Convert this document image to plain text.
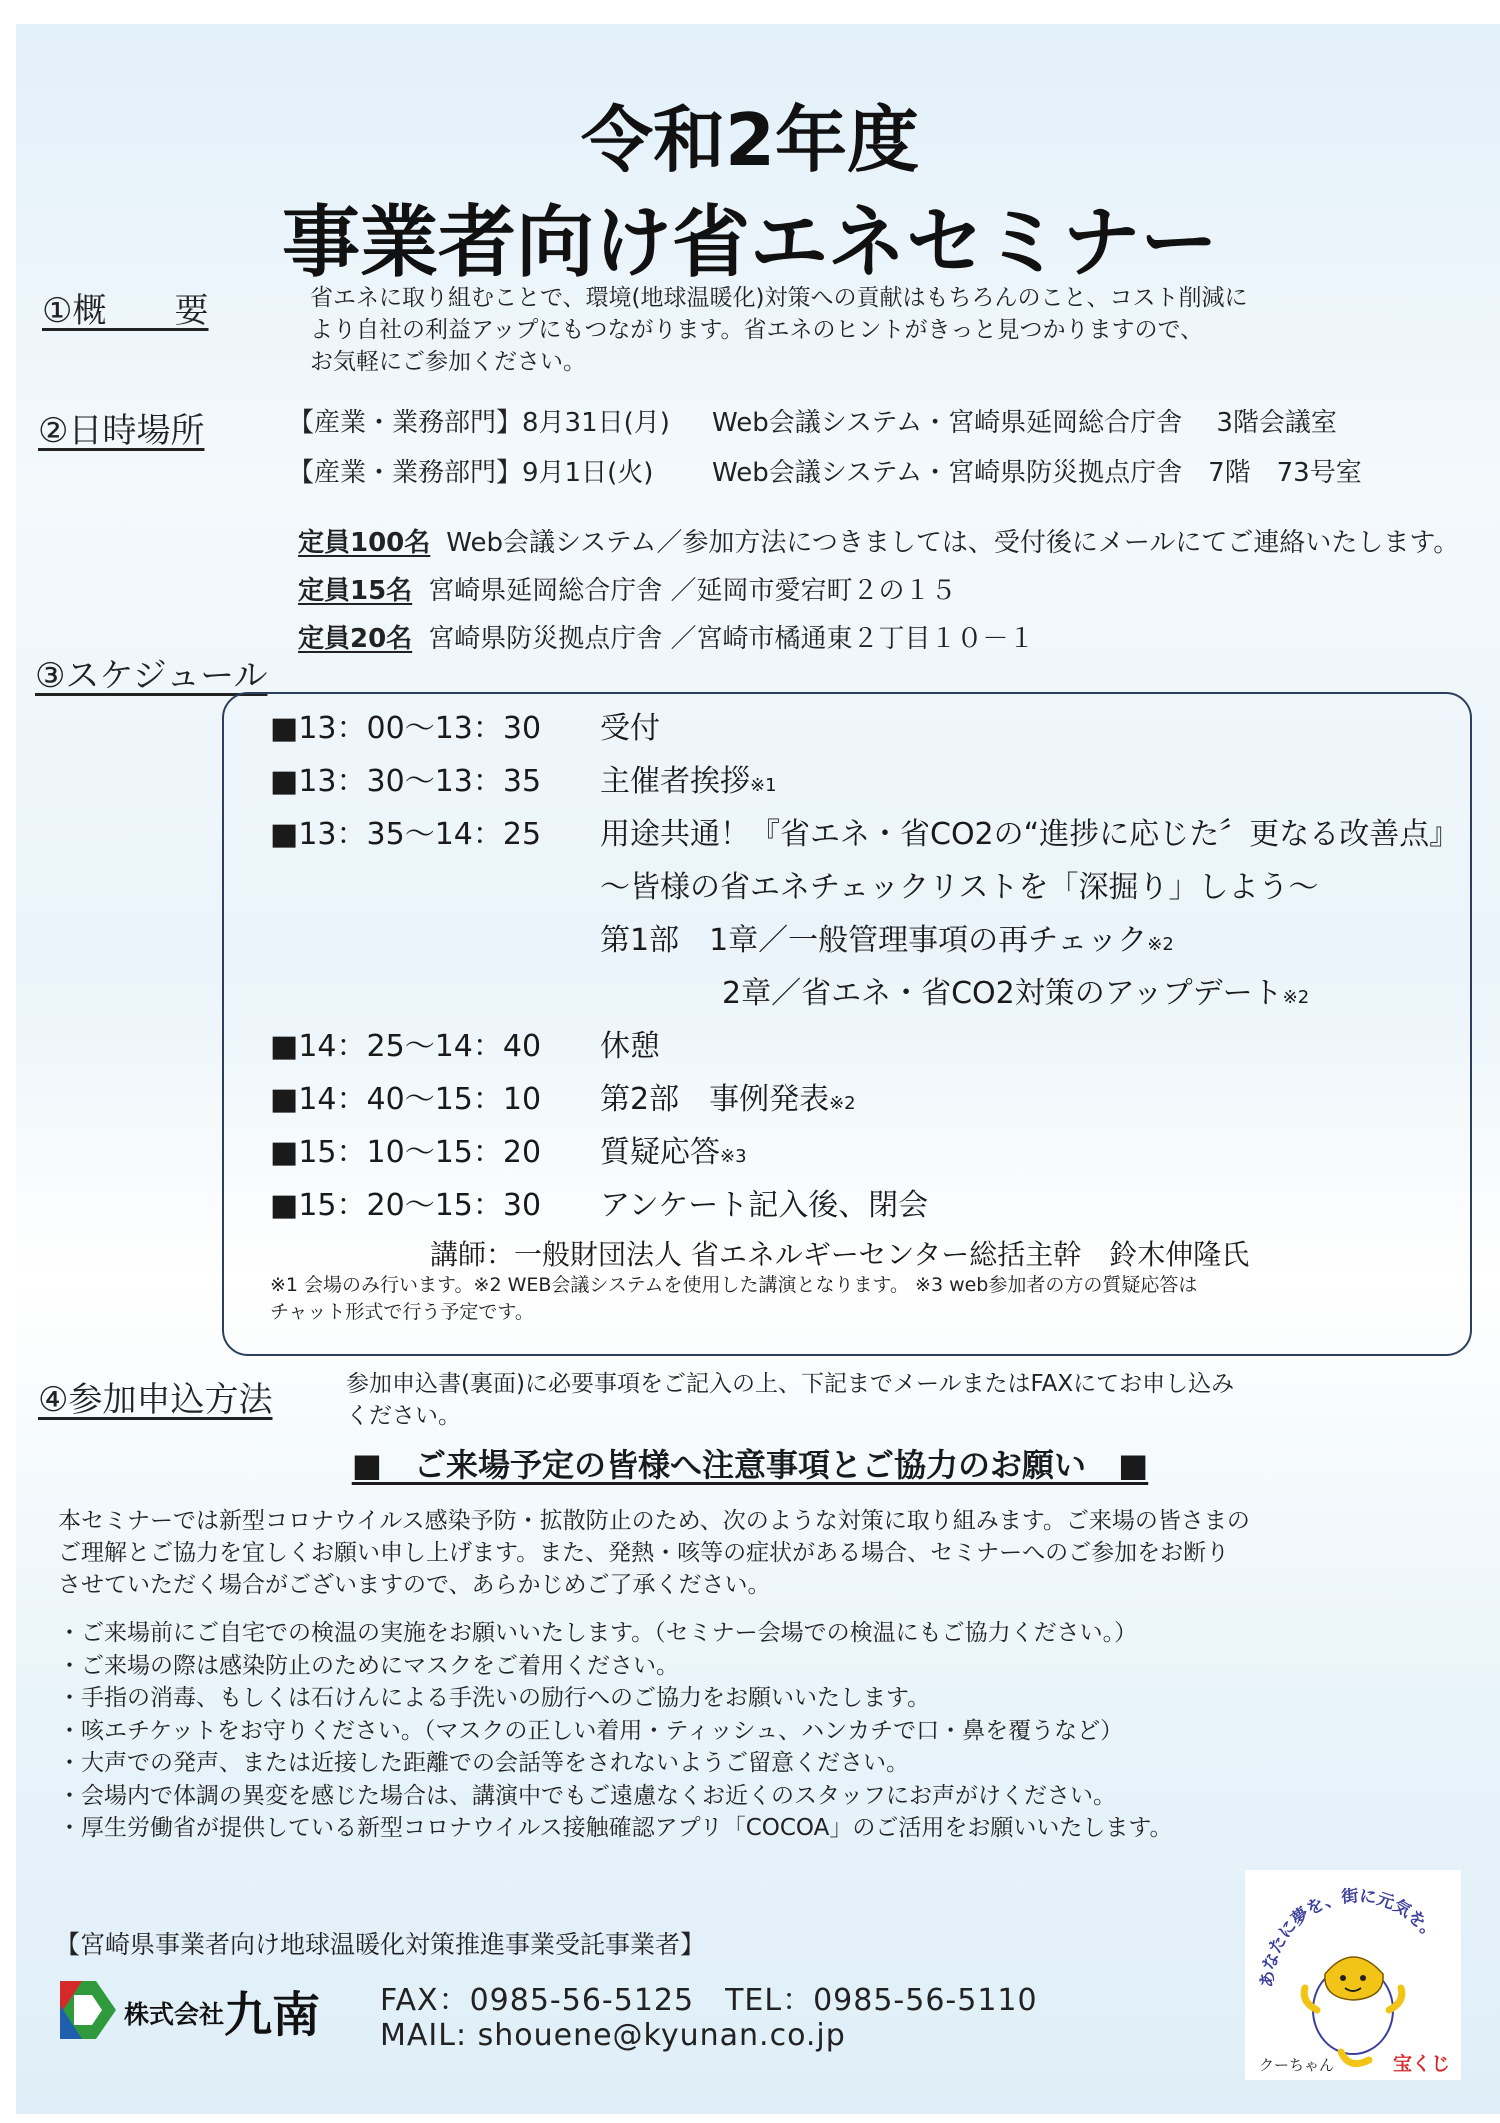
令和2年度
事業者向け省エネセミナー
①概　　要	省エネに取り組むことで、環境(地球温暖化)対策への貢献はもちろんのこと、コスト削減に
より自社の利益アップにもつながります。省エネのヒントがきっと見つかりますので、
お気軽にご参加ください。
②日時場所	【産業・業務部門】8月31日(月) Web会議システム・宮崎県延岡総合庁舎　 3階会議室
【産業・業務部門】9月1日(火) Web会議システム・宮崎県防災拠点庁舎　7階　73号室
定員100名 Web会議システム／参加方法につきましては、受付後にメールにてご連絡いたします。
定員15名 宮崎県延岡総合庁舎 ／延岡市愛宕町２の１５
定員20名 宮崎県防災拠点庁舎 ／宮崎市橘通東２丁目１０－１
③スケジュール
■13：00～13：30 受付
■13：30～13：35 主催者挨拶※1
■13：35～14：25 用途共通！『省エネ・省CO2の“進捗に応じた〞更なる改善点』
～皆様の省エネチェックリストを「深掘り」しよう～
第1部　1章／一般管理事項の再チェック※2
2章／省エネ・省CO2対策のアップデート※2
■14：25～14：40 休憩
■14：40～15：10 第2部　事例発表※2
■15：10～15：20 質疑応答※3
■15：20～15：30 アンケート記入後、閉会
講師：一般財団法人 省エネルギーセンター総括主幹　鈴木伸隆氏
※1 会場のみ行います。※2 WEB会議システムを使用した講演となります。 ※3 web参加者の方の質疑応答は
チャット形式で行う予定です。
④参加申込方法	参加申込書(裏面)に必要事項をご記入の上、下記までメールまたはFAXにてお申し込み
ください。
■　ご来場予定の皆様へ注意事項とご協力のお願い　■
本セミナーでは新型コロナウイルス感染予防・拡散防止のため、次のような対策に取り組みます。ご来場の皆さまの
ご理解とご協力を宜しくお願い申し上げます。また、発熱・咳等の症状がある場合、セミナーへのご参加をお断り
させていただく場合がございますので、あらかじめご了承ください。
・ ご来場前にご自宅での検温の実施をお願いいたします。（セミナー会場での検温にもご協力ください。）
・ ご来場の際は感染防止のためにマスクをご着用ください。
・ 手指の消毒、もしくは石けんによる手洗いの励行へのご協力をお願いいたします。
・ 咳エチケットをお守りください。（マスクの正しい着用・ティッシュ、ハンカチで口・鼻を覆うなど）
・ 大声での発声、または近接した距離での会話等をされないようご留意ください。
・ 会場内で体調の異変を感じた場合は、講演中でもご遠慮なくお近くのスタッフにお声がけください。
・ 厚生労働省が提供している新型コロナウイルス接触確認アプリ「COCOA」のご活用をお願いいたします。
【宮崎県事業者向け地球温暖化対策推進事業受託事業者】
株式会社 九南 FAX：0985-56-5125　TEL：0985-56-5110
MAIL: shouene@kyunan.co.jp
あなたに夢を、街に元気を。
クーちゃん	宝くじ
